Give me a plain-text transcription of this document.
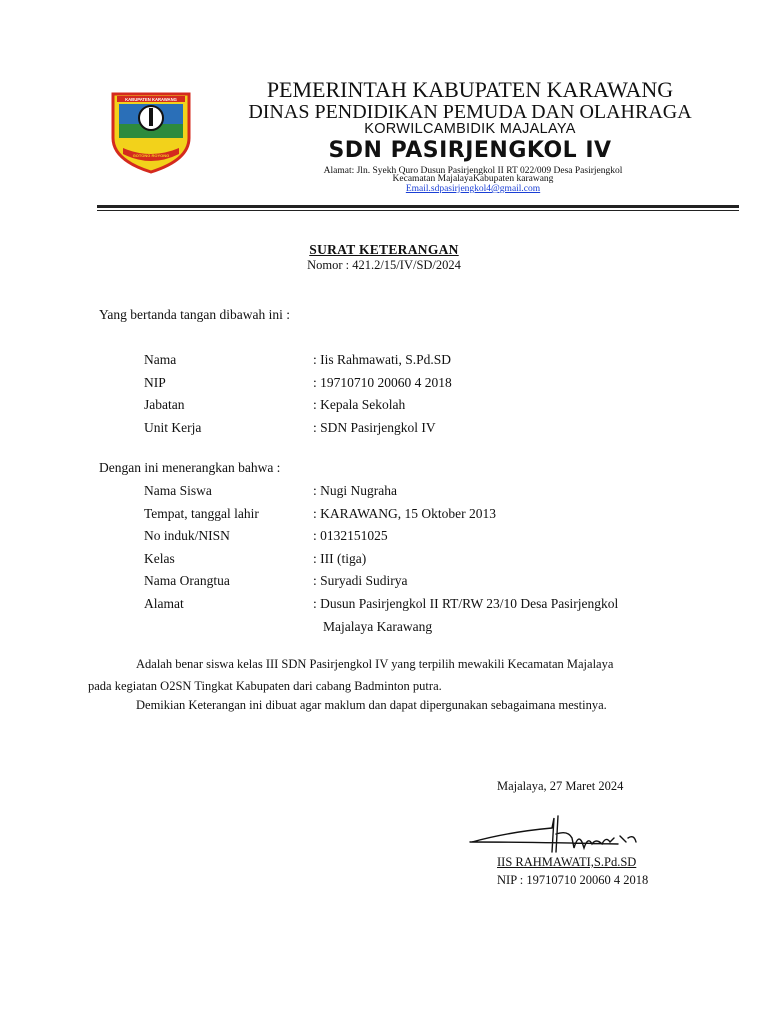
KABUPATEN KARAWANG
GOTONG ROYONG
PEMERINTAH KABUPATEN KARAWANG
DINAS PENDIDIKAN PEMUDA DAN OLAHRAGA
KORWILCAMBIDIK MAJALAYA
SDN PASIRJENGKOL IV
Alamat: Jln. Syekh Quro Dusun Pasirjengkol II RT 022/009 Desa Pasirjengkol
Kecamatan MajalayaKabupaten karawang
Email.sdpasirjengkol4@gmail.com
SURAT KETERANGAN
Nomor : 421.2/15/IV/SD/2024
Yang bertanda tangan dibawah ini :
Nama	: Iis Rahmawati, S.Pd.SD
NIP	: 19710710 20060 4 2018
Jabatan	: Kepala Sekolah
Unit Kerja	: SDN Pasirjengkol IV
Dengan ini menerangkan bahwa :
Nama Siswa	: Nugi Nugraha
Tempat, tanggal lahir	: KARAWANG, 15 Oktober 2013
No induk/NISN	: 0132151025
Kelas	: III (tiga)
Nama Orangtua	: Suryadi Sudirya
Alamat	: Dusun Pasirjengkol II RT/RW 23/10 Desa Pasirjengkol
Majalaya Karawang
Adalah benar siswa kelas III SDN Pasirjengkol IV yang terpilih mewakili Kecamatan Majalaya
pada kegiatan O2SN Tingkat Kabupaten dari cabang Badminton putra.
Demikian Keterangan ini dibuat agar maklum dan dapat dipergunakan sebagaimana mestinya.
Majalaya, 27 Maret 2024
IIS RAHMAWATI,S.Pd.SD
NIP : 19710710 20060 4 2018
